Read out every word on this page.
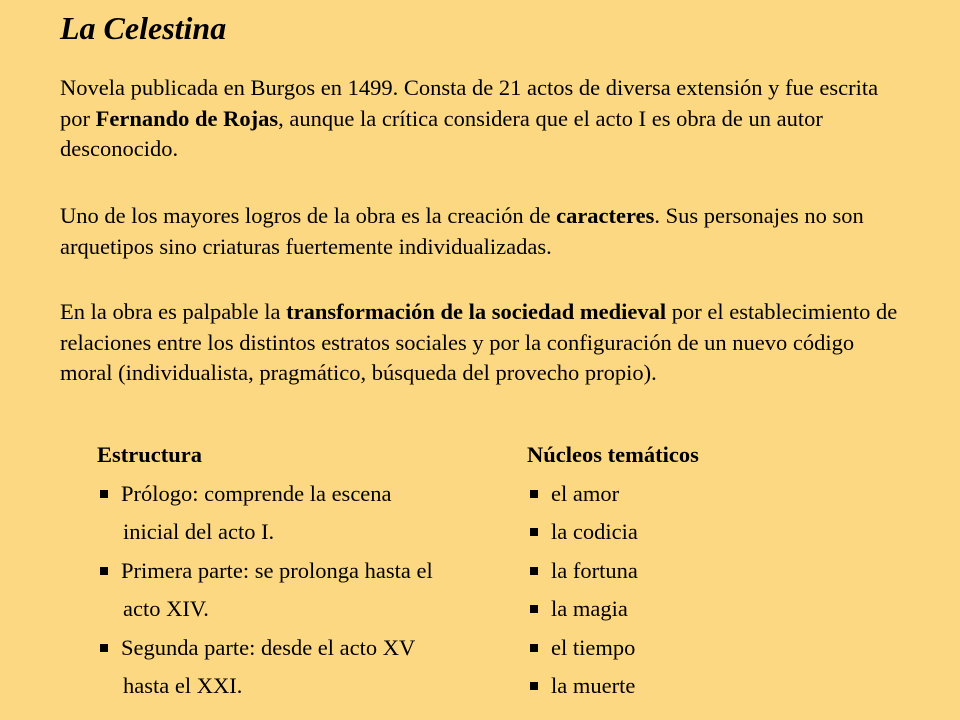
La Celestina

Novela publicada en Burgos en 1499. Consta de 21 actos de diversa extensión y fue escrita por Fernando de Rojas, aunque la crítica considera que el acto I es obra de un autor desconocido.

Uno de los mayores logros de la obra es la creación de caracteres. Sus personajes no son arquetipos sino criaturas fuertemente individualizadas.

En la obra es palpable la transformación de la sociedad medieval por el establecimiento de relaciones entre los distintos estratos sociales y por la configuración de un nuevo código moral (individualista, pragmático, búsqueda del provecho propio).

Estructura
Prólogo: comprende la escena
inicial del acto I.
Primera parte: se prolonga hasta el
acto XIV.
Segunda parte: desde el acto XV
hasta el XXI.
Núcleos temáticos
el amor
la codicia
la fortuna
la magia
el tiempo
la muerte
